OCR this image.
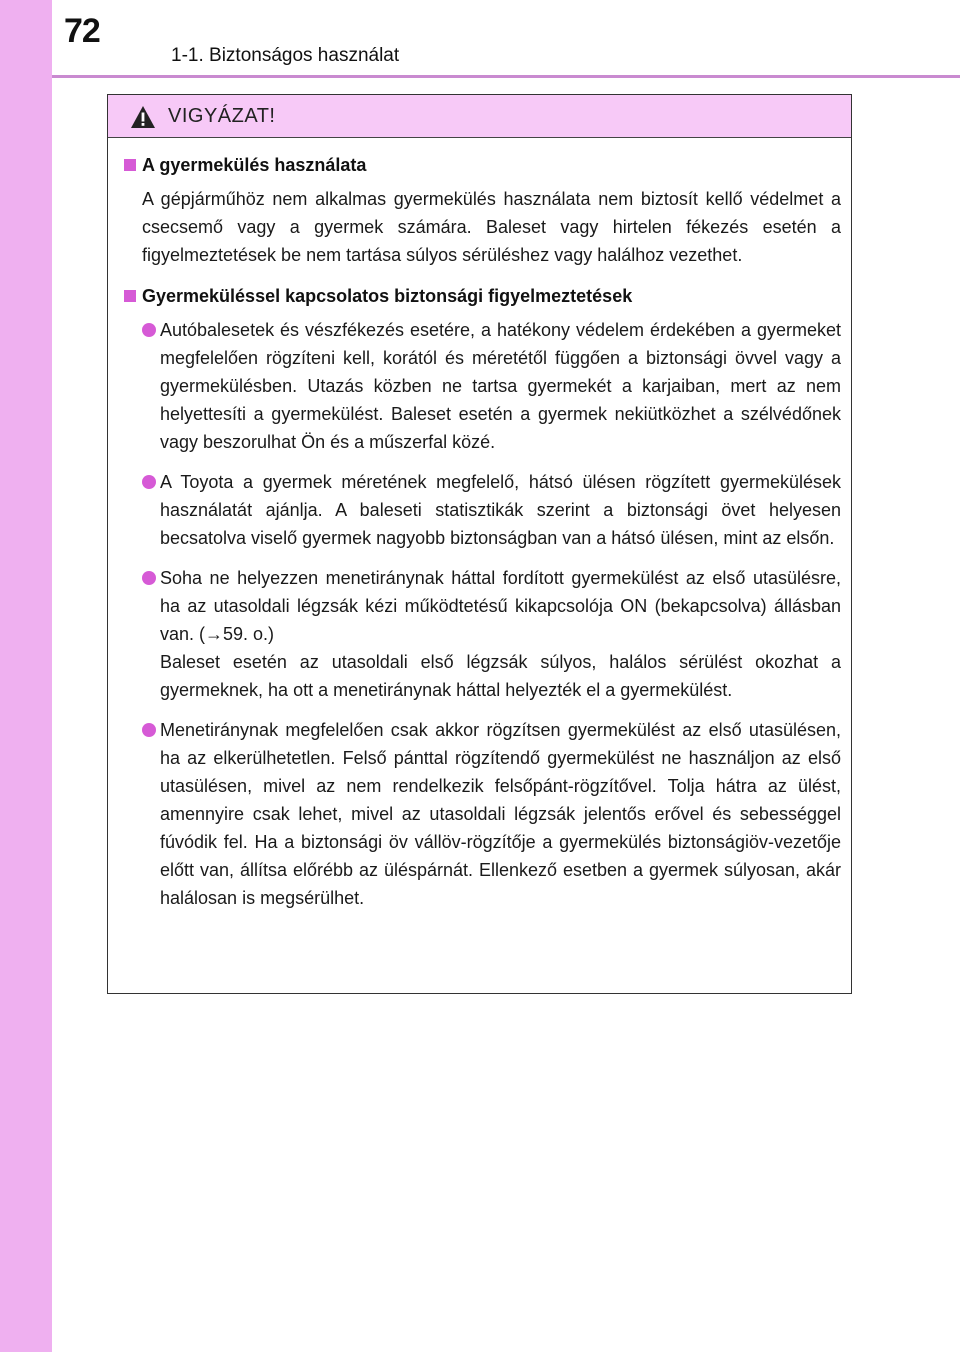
72
1-1. Biztonságos használat
VIGYÁZAT!
A gyermekülés használata

A gépjárműhöz nem alkalmas gyermekülés használata nem biztosít kellő védelmet a csecsemő vagy a gyermek számára. Baleset vagy hirtelen fékezés esetén a figyelmeztetések be nem tartása súlyos sérüléshez vagy halálhoz vezethet.

Gyermeküléssel kapcsolatos biztonsági figyelmeztetések

Autóbalesetek és vészfékezés esetére, a hatékony védelem érdekében a gyermeket megfelelően rögzíteni kell, korától és méretétől függően a biztonsági övvel vagy a gyermekülésben. Utazás közben ne tartsa gyermekét a karjaiban, mert az nem helyettesíti a gyermekülést. Baleset esetén a gyermek nekiütközhet a szélvédőnek vagy beszorulhat Ön és a műszerfal közé.

A Toyota a gyermek méretének megfelelő, hátsó ülésen rögzített gyermekülések használatát ajánlja. A baleseti statisztikák szerint a biztonsági övet helyesen becsatolva viselő gyermek nagyobb biztonságban van a hátsó ülésen, mint az elsőn.

Soha ne helyezzen menetiránynak háttal fordított gyermekülést az első utasülésre, ha az utasoldali légzsák kézi működtetésű kikapcsolója ON (bekapcsolva) állásban van. (→59. o.)

Baleset esetén az utasoldali első légzsák súlyos, halálos sérülést okozhat a gyermeknek, ha ott a menetiránynak háttal helyezték el a gyermekülést.

Menetiránynak megfelelően csak akkor rögzítsen gyermekülést az első utasülésen, ha az elkerülhetetlen. Felső pánttal rögzítendő gyermekülést ne használjon az első utasülésen, mivel az nem rendelkezik felsőpánt-rögzítővel. Tolja hátra az ülést, amennyire csak lehet, mivel az utasoldali légzsák jelentős erővel és sebességgel fúvódik fel. Ha a biztonsági öv vállöv-rögzítője a gyermekülés biztonságiöv-vezetője előtt van, állítsa előrébb az üléspárnát. Ellenkező esetben a gyermek súlyosan, akár halálosan is megsérülhet.
